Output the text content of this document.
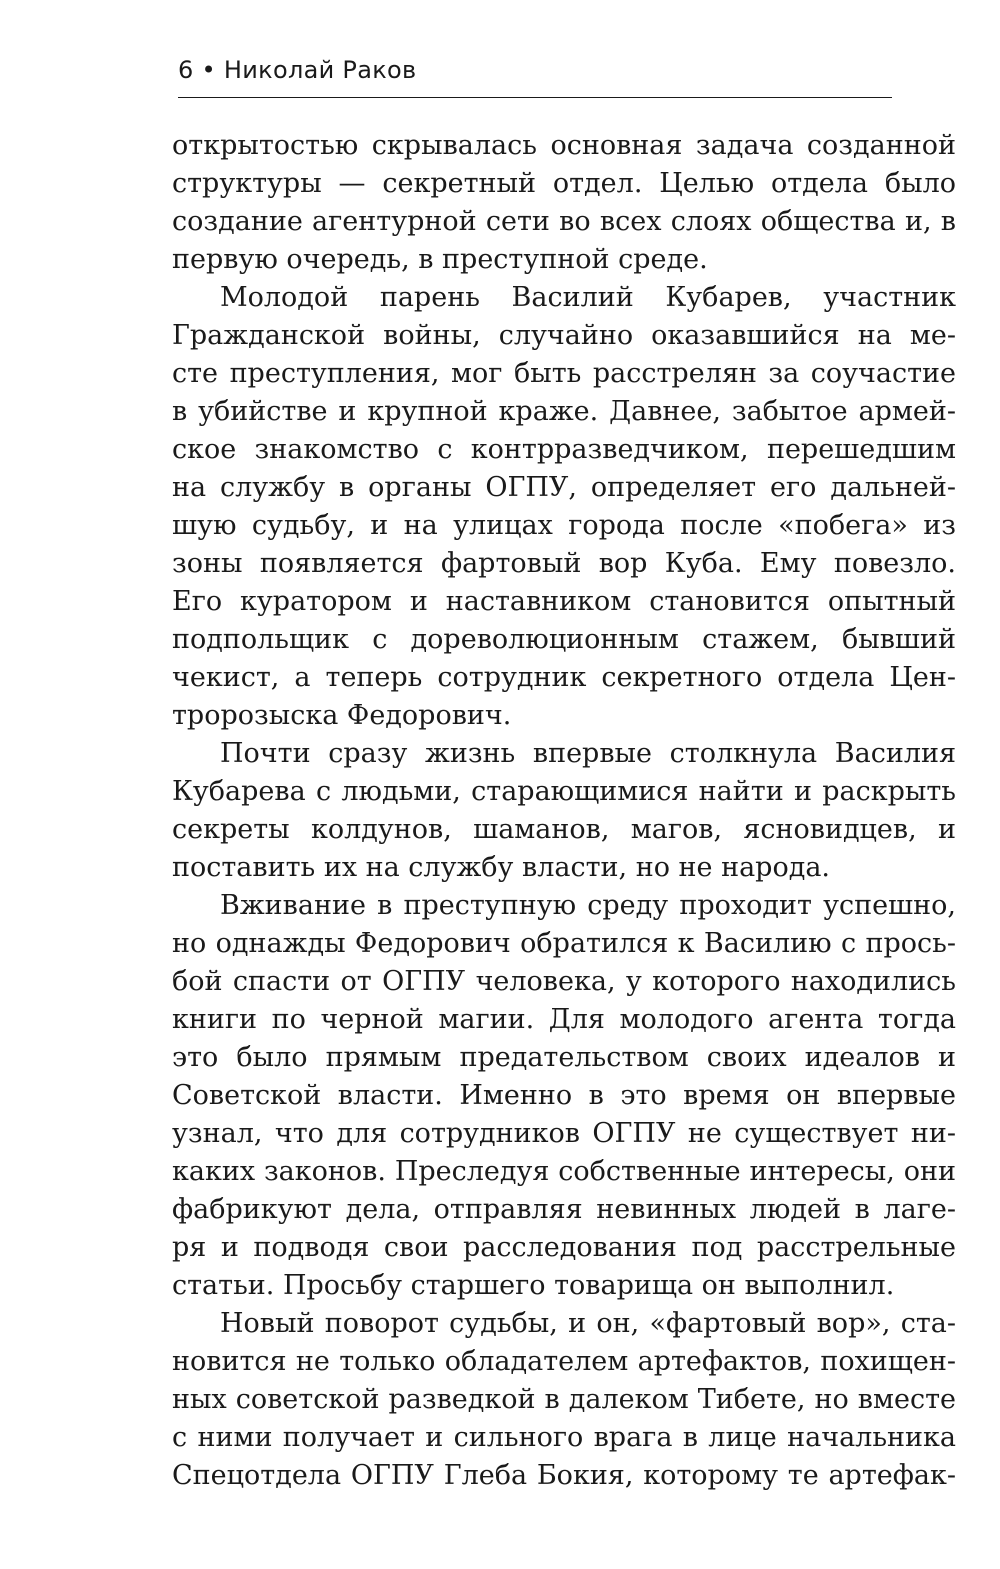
6 • Николай Раков
открытостью скрывалась основная задача созданной
структуры — секретный отдел. Целью отдела было
создание агентурной сети во всех слоях общества и, в
первую очередь, в преступной среде.
Молодой парень Василий Кубарев, участник
Гражданской войны, случайно оказавшийся на ме-
сте преступления, мог быть расстрелян за соучастие
в убийстве и крупной краже. Давнее, забытое армей-
ское знакомство с контрразведчиком, перешедшим
на службу в органы ОГПУ, определяет его дальней-
шую судьбу, и на улицах города после «побега» из
зоны появляется фартовый вор Куба. Ему повезло.
Его куратором и наставником становится опытный
подпольщик с дореволюционным стажем, бывший
чекист, а теперь сотрудник секретного отдела Цен-
тророзыска Федорович.
Почти сразу жизнь впервые столкнула Василия
Кубарева с людьми, старающимися найти и раскрыть
секреты колдунов, шаманов, магов, ясновидцев, и
поставить их на службу власти, но не народа.
Вживание в преступную среду проходит успешно,
но однажды Федорович обратился к Василию с прось-
бой спасти от ОГПУ человека, у которого находились
книги по черной магии. Для молодого агента тогда
это было прямым предательством своих идеалов и
Советской власти. Именно в это время он впервые
узнал, что для сотрудников ОГПУ не существует ни-
каких законов. Преследуя собственные интересы, они
фабрикуют дела, отправляя невинных людей в лаге-
ря и подводя свои расследования под расстрельные
статьи. Просьбу старшего товарища он выполнил.
Новый поворот судьбы, и он, «фартовый вор», ста-
новится не только обладателем артефактов, похищен-
ных советской разведкой в далеком Тибете, но вместе
с ними получает и сильного врага в лице начальника
Спецотдела ОГПУ Глеба Бокия, которому те артефак-
